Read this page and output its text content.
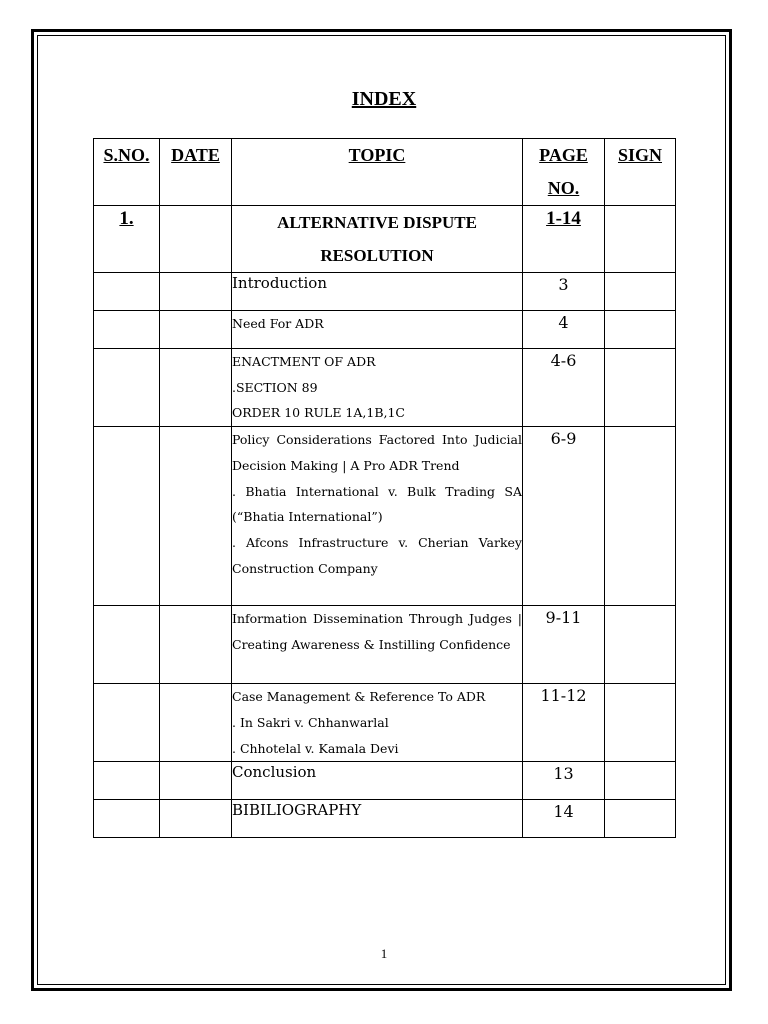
INDEX
S.NO.	DATE	TOPIC	PAGE NO.	SIGN
1.		ALTERNATIVE DISPUTE RESOLUTION	1-14	

		Introduction	3	

		Need For ADR	4	

		ENACTMENT OF ADR
.SECTION 89
ORDER 10 RULE 1A,1B,1C	4-6	

		Policy Considerations Factored Into Judicial Decision Making | A Pro ADR Trend
. Bhatia International v. Bulk Trading SA (“Bhatia International”)
. Afcons Infrastructure v. Cherian Varkey Construction Company	6-9	

		Information Dissemination Through Judges | Creating Awareness & Instilling Confidence	9-11	

		Case Management & Reference To ADR
. In Sakri v. Chhanwarlal
. Chhotelal v. Kamala Devi	11-12	

		Conclusion	13	

		BIBILIOGRAPHY	14	
1
